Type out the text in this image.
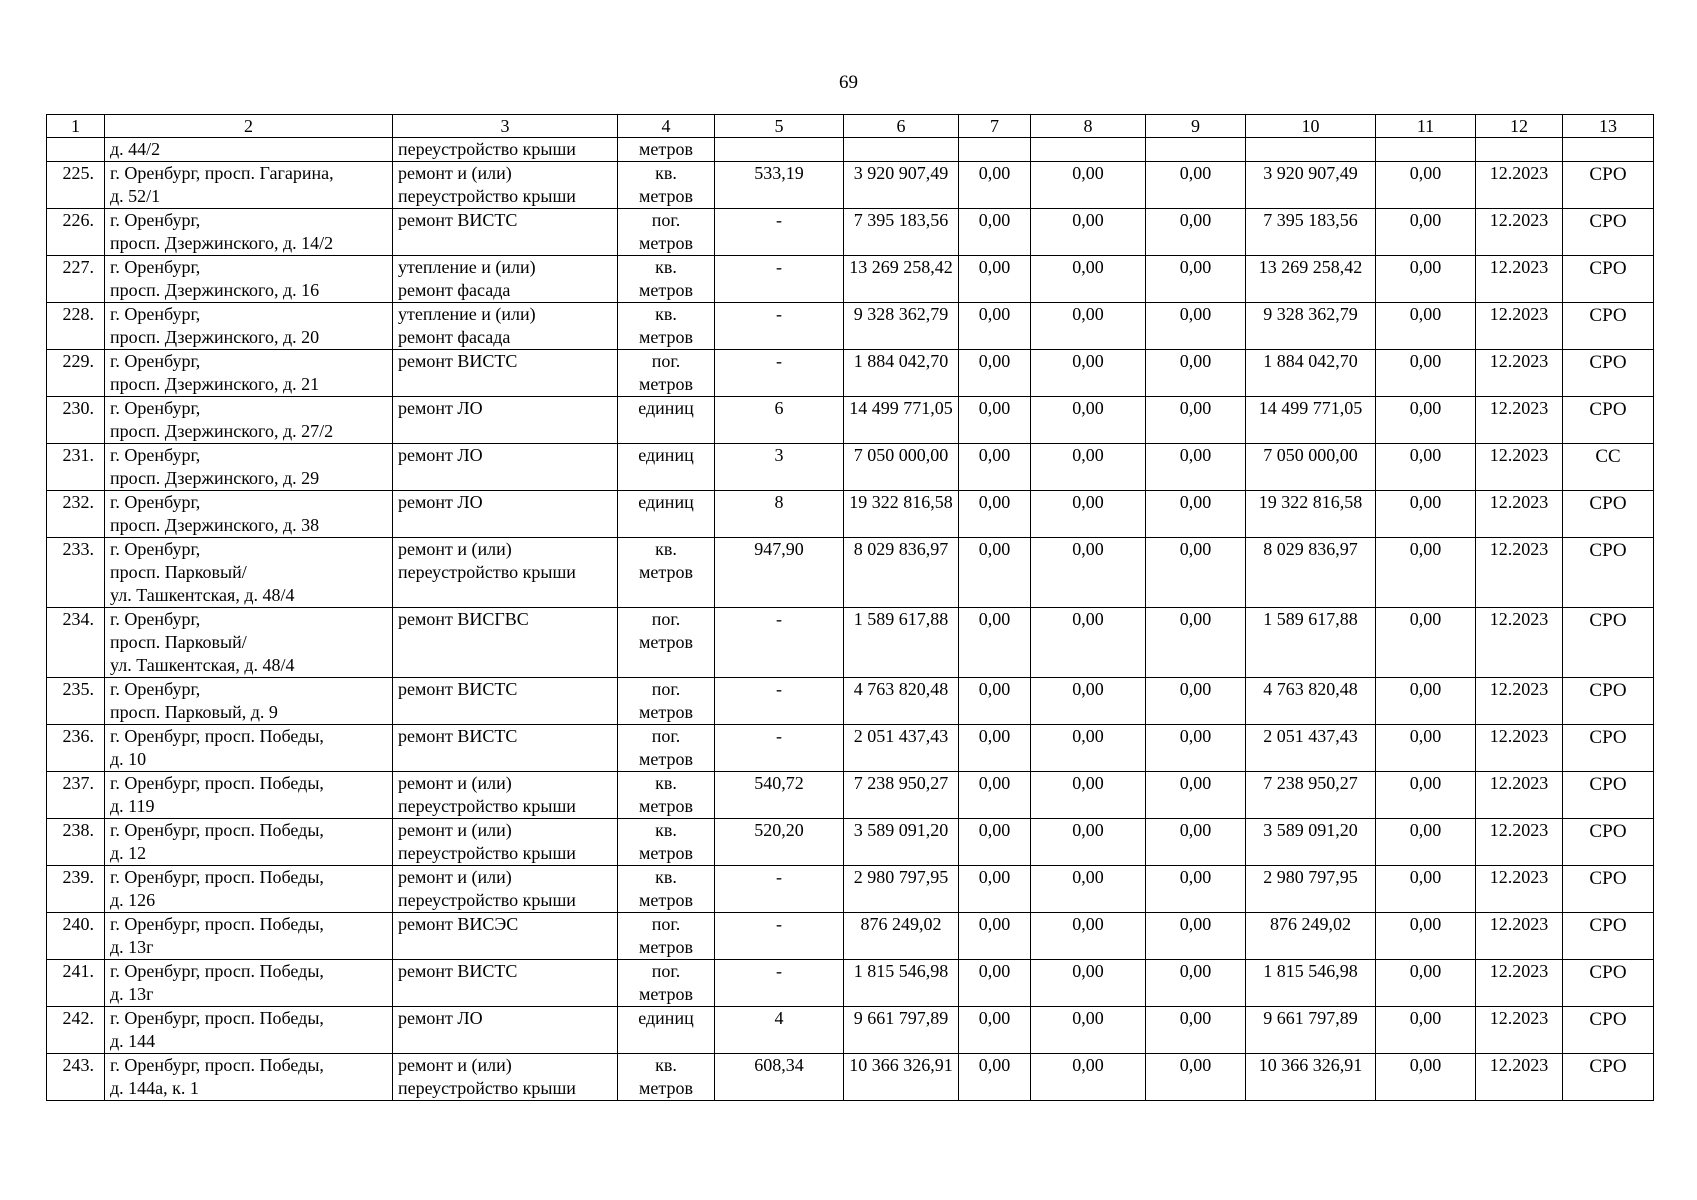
69
1	2	3	4	5	6	7	8	9	10	11	12	13

	д. 44/2	переустройство крыши	метров									

225.	г. Оренбург, просп. Гагарина,
д. 52/1	ремонт и (или)
переустройство крыши	кв.
метров	533,19	3 920 907,49	0,00	0,00	0,00	3 920 907,49	0,00	12.2023	СРО
226.	г. Оренбург,
просп. Дзержинского, д. 14/2	ремонт ВИСТС	пог.
метров	-	7 395 183,56	0,00	0,00	0,00	7 395 183,56	0,00	12.2023	СРО
227.	г. Оренбург,
просп. Дзержинского, д. 16	утепление и (или)
ремонт фасада	кв.
метров	-	13 269 258,42	0,00	0,00	0,00	13 269 258,42	0,00	12.2023	СРО
228.	г. Оренбург,
просп. Дзержинского, д. 20	утепление и (или)
ремонт фасада	кв.
метров	-	9 328 362,79	0,00	0,00	0,00	9 328 362,79	0,00	12.2023	СРО
229.	г. Оренбург,
просп. Дзержинского, д. 21	ремонт ВИСТС	пог.
метров	-	1 884 042,70	0,00	0,00	0,00	1 884 042,70	0,00	12.2023	СРО
230.	г. Оренбург,
просп. Дзержинского, д. 27/2	ремонт ЛО	единиц	6	14 499 771,05	0,00	0,00	0,00	14 499 771,05	0,00	12.2023	СРО
231.	г. Оренбург,
просп. Дзержинского, д. 29	ремонт ЛО	единиц	3	7 050 000,00	0,00	0,00	0,00	7 050 000,00	0,00	12.2023	СС
232.	г. Оренбург,
просп. Дзержинского, д. 38	ремонт ЛО	единиц	8	19 322 816,58	0,00	0,00	0,00	19 322 816,58	0,00	12.2023	СРО
233.	г. Оренбург,
просп. Парковый/
ул. Ташкентская, д. 48/4	ремонт и (или)
переустройство крыши	кв.
метров	947,90	8 029 836,97	0,00	0,00	0,00	8 029 836,97	0,00	12.2023	СРО
234.	г. Оренбург,
просп. Парковый/
ул. Ташкентская, д. 48/4	ремонт ВИСГВС	пог.
метров	-	1 589 617,88	0,00	0,00	0,00	1 589 617,88	0,00	12.2023	СРО
235.	г. Оренбург,
просп. Парковый, д. 9	ремонт ВИСТС	пог.
метров	-	4 763 820,48	0,00	0,00	0,00	4 763 820,48	0,00	12.2023	СРО
236.	г. Оренбург, просп. Победы,
д. 10	ремонт ВИСТС	пог.
метров	-	2 051 437,43	0,00	0,00	0,00	2 051 437,43	0,00	12.2023	СРО
237.	г. Оренбург, просп. Победы,
д. 119	ремонт и (или)
переустройство крыши	кв.
метров	540,72	7 238 950,27	0,00	0,00	0,00	7 238 950,27	0,00	12.2023	СРО
238.	г. Оренбург, просп. Победы,
д. 12	ремонт и (или)
переустройство крыши	кв.
метров	520,20	3 589 091,20	0,00	0,00	0,00	3 589 091,20	0,00	12.2023	СРО
239.	г. Оренбург, просп. Победы,
д. 126	ремонт и (или)
переустройство крыши	кв.
метров	-	2 980 797,95	0,00	0,00	0,00	2 980 797,95	0,00	12.2023	СРО
240.	г. Оренбург, просп. Победы,
д. 13г	ремонт ВИСЭС	пог.
метров	-	876 249,02	0,00	0,00	0,00	876 249,02	0,00	12.2023	СРО
241.	г. Оренбург, просп. Победы,
д. 13г	ремонт ВИСТС	пог.
метров	-	1 815 546,98	0,00	0,00	0,00	1 815 546,98	0,00	12.2023	СРО
242.	г. Оренбург, просп. Победы,
д. 144	ремонт ЛО	единиц	4	9 661 797,89	0,00	0,00	0,00	9 661 797,89	0,00	12.2023	СРО
243.	г. Оренбург, просп. Победы,
д. 144а, к. 1	ремонт и (или)
переустройство крыши	кв.
метров	608,34	10 366 326,91	0,00	0,00	0,00	10 366 326,91	0,00	12.2023	СРО
